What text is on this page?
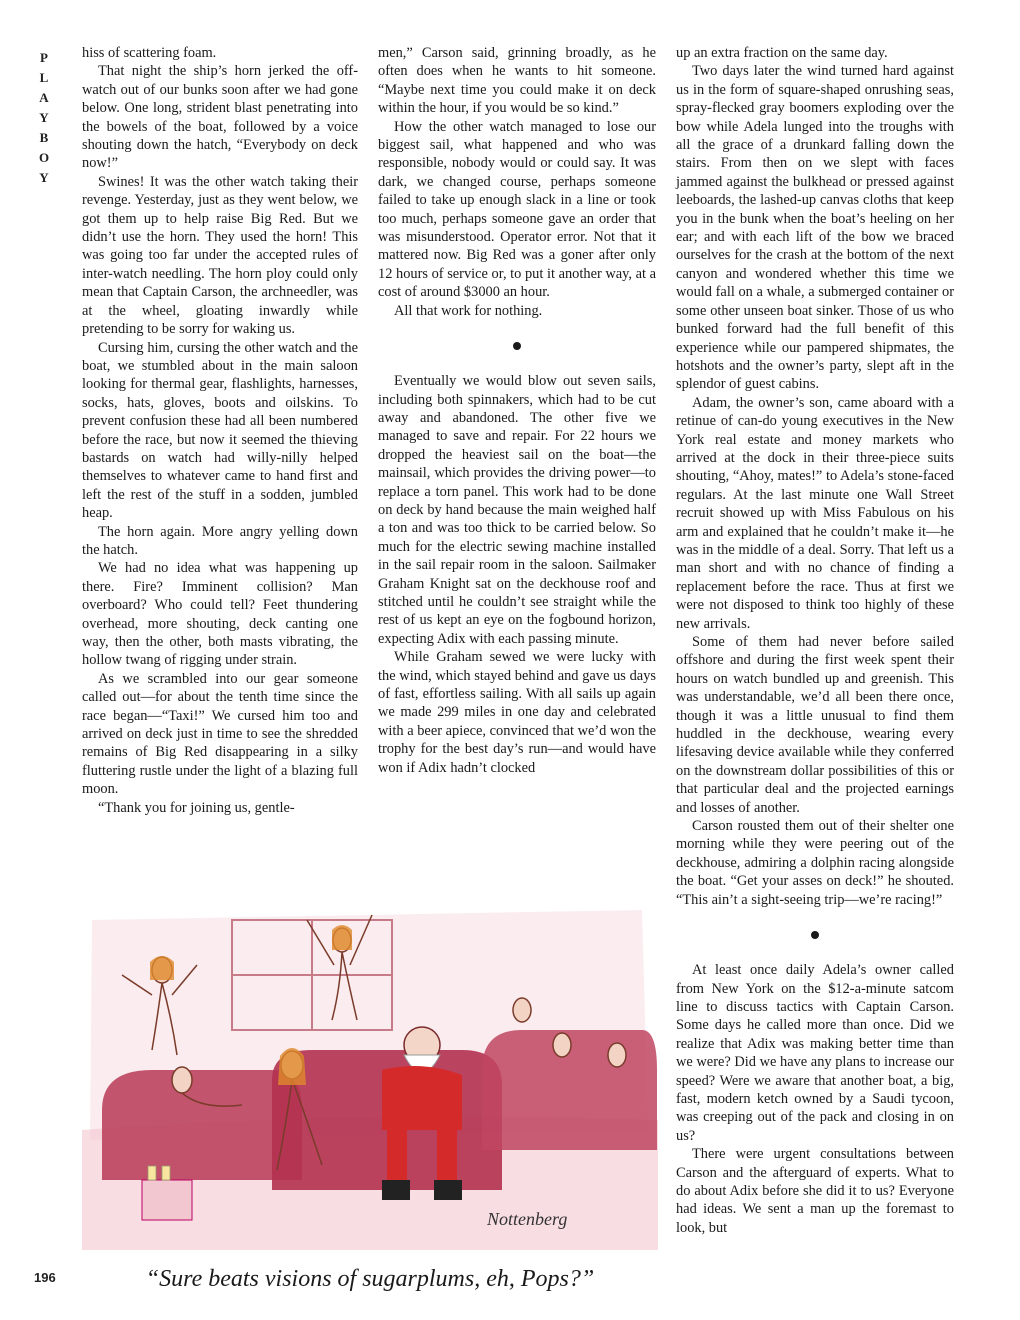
P
L
A
Y
B
O
Y

hiss of scattering foam.

That night the ship’s horn jerked the off-watch out of our bunks soon after we had gone below. One long, strident blast penetrating into the bowels of the boat, followed by a voice shouting down the hatch, “Everybody on deck now!”

Swines! It was the other watch taking their revenge. Yesterday, just as they went below, we got them up to help raise Big Red. But we didn’t use the horn. They used the horn! This was going too far under the accepted rules of inter-watch needling. The horn ploy could only mean that Captain Carson, the archneedler, was at the wheel, gloating inwardly while pretending to be sorry for waking us.

Cursing him, cursing the other watch and the boat, we stumbled about in the main saloon looking for thermal gear, flashlights, harnesses, socks, hats, gloves, boots and oilskins. To prevent confusion these had all been numbered before the race, but now it seemed the thieving bastards on watch had willy-nilly helped themselves to whatever came to hand first and left the rest of the stuff in a sodden, jumbled heap.

The horn again. More angry yelling down the hatch.

We had no idea what was happening up there. Fire? Imminent collision? Man overboard? Who could tell? Feet thundering overhead, more shouting, deck canting one way, then the other, both masts vibrating, the hollow twang of rigging under strain.

As we scrambled into our gear someone called out—for about the tenth time since the race began—“Taxi!” We cursed him too and arrived on deck just in time to see the shredded remains of Big Red disappearing in a silky fluttering rustle under the light of a blazing full moon.

“Thank you for joining us, gentle-

men,” Carson said, grinning broadly, as he often does when he wants to hit someone. “Maybe next time you could make it on deck within the hour, if you would be so kind.”

How the other watch managed to lose our biggest sail, what happened and who was responsible, nobody would or could say. It was dark, we changed course, perhaps someone failed to take up enough slack in a line or took too much, perhaps someone gave an order that was misunderstood. Operator error. Not that it mattered now. Big Red was a goner after only 12 hours of service or, to put it another way, at a cost of around $3000 an hour.

All that work for nothing.

Eventually we would blow out seven sails, including both spinnakers, which had to be cut away and abandoned. The other five we managed to save and repair. For 22 hours we dropped the heaviest sail on the boat—the mainsail, which provides the driving power—to replace a torn panel. This work had to be done on deck by hand because the main weighed half a ton and was too thick to be carried below. So much for the electric sewing machine installed in the sail repair room in the saloon. Sailmaker Graham Knight sat on the deckhouse roof and stitched until he couldn’t see straight while the rest of us kept an eye on the fogbound horizon, expecting Adix with each passing minute.

While Graham sewed we were lucky with the wind, which stayed behind and gave us days of fast, effortless sailing. With all sails up again we made 299 miles in one day and celebrated with a beer apiece, convinced that we’d won the trophy for the best day’s run—and would have won if Adix hadn’t clocked

up an extra fraction on the same day.

Two days later the wind turned hard against us in the form of square-shaped onrushing seas, spray-flecked gray boomers exploding over the bow while Adela lunged into the troughs with all the grace of a drunkard falling down the stairs. From then on we slept with faces jammed against the bulkhead or pressed against leeboards, the lashed-up canvas cloths that keep you in the bunk when the boat’s heeling on her ear; and with each lift of the bow we braced ourselves for the crash at the bottom of the next canyon and wondered whether this time we would fall on a whale, a submerged container or some other unseen boat sinker. Those of us who bunked forward had the full benefit of this experience while our pampered shipmates, the hotshots and the owner’s party, slept aft in the splendor of guest cabins.

Adam, the owner’s son, came aboard with a retinue of can-do young executives in the New York real estate and money markets who arrived at the dock in their three-piece suits shouting, “Ahoy, mates!” to Adela’s stone-faced regulars. At the last minute one Wall Street recruit showed up with Miss Fabulous on his arm and explained that he couldn’t make it—he was in the middle of a deal. Sorry. That left us a man short and with no chance of finding a replacement before the race. Thus at first we were not disposed to think too highly of these new arrivals.

Some of them had never before sailed offshore and during the first week spent their hours on watch bundled up and greenish. This was understandable, we’d all been there once, though it was a little unusual to find them huddled in the deckhouse, wearing every lifesaving device available while they conferred on the downstream dollar possibilities of this or that particular deal and the projected earnings and losses of another.

Carson rousted them out of their shelter one morning while they were peering out of the deckhouse, admiring a dolphin racing alongside the boat. “Get your asses on deck!” he shouted. “This ain’t a sight-seeing trip—we’re racing!”

At least once daily Adela’s owner called from New York on the $12-a-minute satcom line to discuss tactics with Captain Carson. Some days he called more than once. Did we realize that Adix was making better time than we were? Did we have any plans to increase our speed? Were we aware that another boat, a big, fast, modern ketch owned by a Saudi tycoon, was creeping out of the pack and closing in on us?

There were urgent consultations between Carson and the afterguard of experts. What to do about Adix before she did it to us? Everyone had ideas. We sent a man up the foremast to look, but

Nottenberg
“Sure beats visions of sugarplums, eh, Pops?”
196
